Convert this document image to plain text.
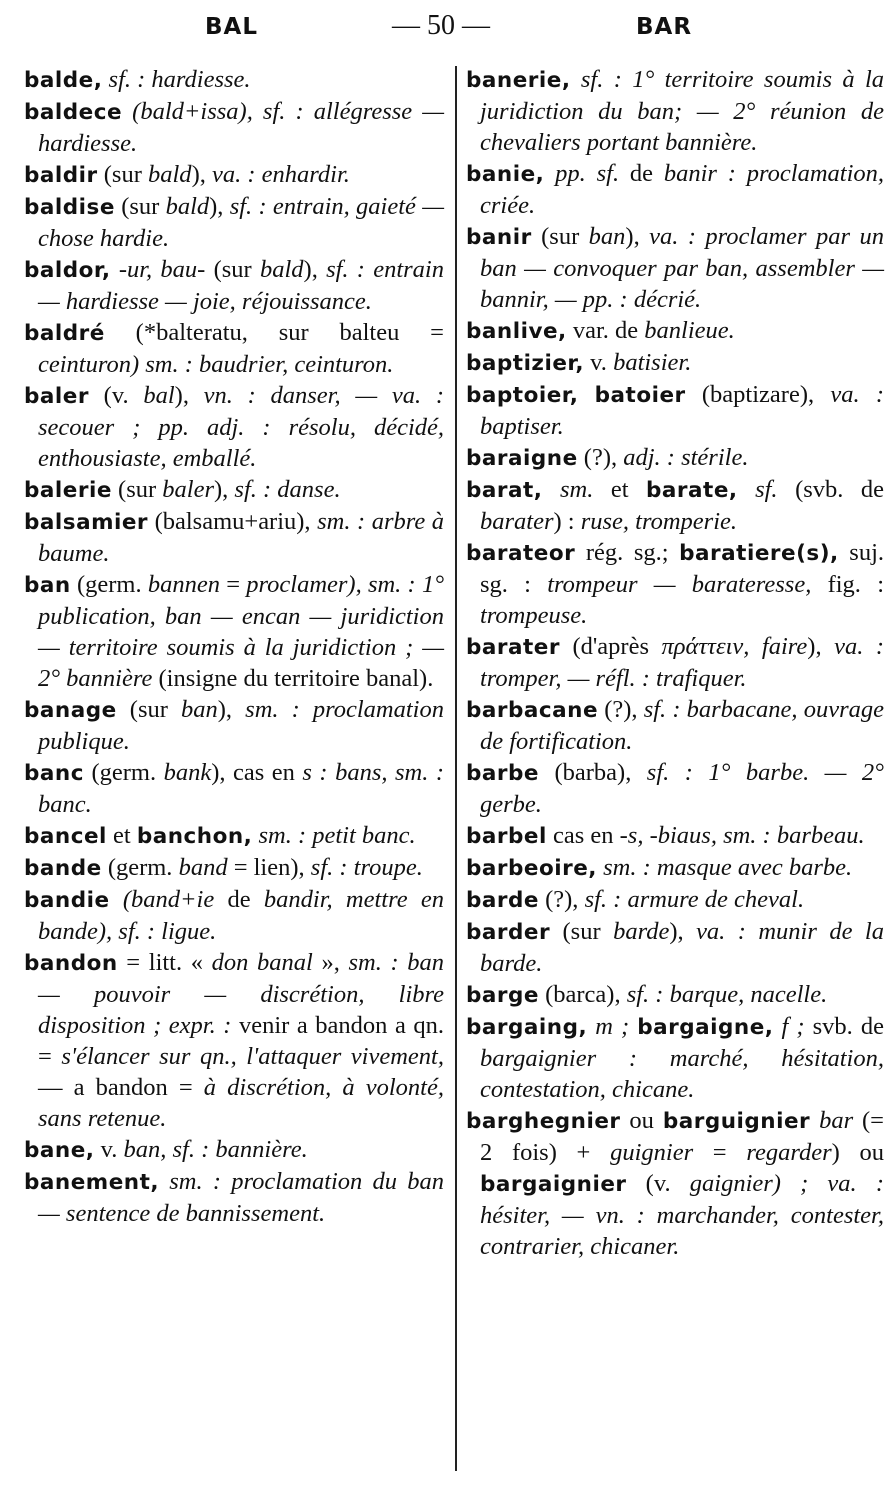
BAL	— 50 —	BAR
balde, sf. : hardiesse.
baldece (bald+issa), sf. : allégresse — hardiesse.
baldir (sur bald), va. : enhardir.
baldise (sur bald), sf. : entrain, gaieté — chose hardie.
baldor, -ur, bau- (sur bald), sf. : entrain — hardiesse — joie, réjouissance.
baldré (*balteratu, sur balteu = ceinturon) sm. : baudrier, ceinturon.
baler (v. bal), vn. : danser, — va. : secouer ; pp. adj. : résolu, décidé, enthousiaste, emballé.
balerie (sur baler), sf. : danse.
balsamier (balsamu+ariu), sm. : arbre à baume.
ban (germ. bannen = proclamer), sm. : 1° publication, ban — encan — juridiction — territoire soumis à la juridiction ; — 2° bannière (insigne du territoire banal).
banage (sur ban), sm. : proclamation publique.
banc (germ. bank), cas en s : bans, sm. : banc.
bancel et banchon, sm. : petit banc.
bande (germ. band = lien), sf. : troupe.
bandie (band+ie de bandir, mettre en bande), sf. : ligue.
bandon = litt. « don banal », sm. : ban — pouvoir — discrétion, libre disposition ; expr. : venir a bandon a qn. = s'élancer sur qn., l'attaquer vivement, — a bandon = à discrétion, à volonté, sans retenue.
bane, v. ban, sf. : bannière.
banement, sm. : proclamation du ban — sentence de bannissement.
banerie, sf. : 1° territoire soumis à la juridiction du ban; — 2° réunion de chevaliers portant bannière.
banie, pp. sf. de banir : proclamation, criée.
banir (sur ban), va. : proclamer par un ban — convoquer par ban, assembler — bannir, — pp. : décrié.
banlive, var. de banlieue.
baptizier, v. batisier.
baptoier, batoier (baptizare), va. : baptiser.
baraigne (?), adj. : stérile.
barat, sm. et barate, sf. (svb. de barater) : ruse, tromperie.
barateor rég. sg.; baratiere(s), suj. sg. : trompeur — barateresse, fig. : trompeuse.
barater (d'après πράττειν, faire), va. : tromper, — réfl. : trafiquer.
barbacane (?), sf. : barbacane, ouvrage de fortification.
barbe (barba), sf. : 1° barbe. — 2° gerbe.
barbel cas en -s, -biaus, sm. : barbeau.
barbeoire, sm. : masque avec barbe.
barde (?), sf. : armure de cheval.
barder (sur barde), va. : munir de la barde.
barge (barca), sf. : barque, nacelle.
bargaing, m ; bargaigne, f ; svb. de bargaignier : marché, hésitation, contestation, chicane.
barghegnier ou barguignier bar (= 2 fois) + guignier = regarder) ou bargaignier (v. gaignier) ; va. : hésiter, — vn. : marchander, contester, contrarier, chicaner.
